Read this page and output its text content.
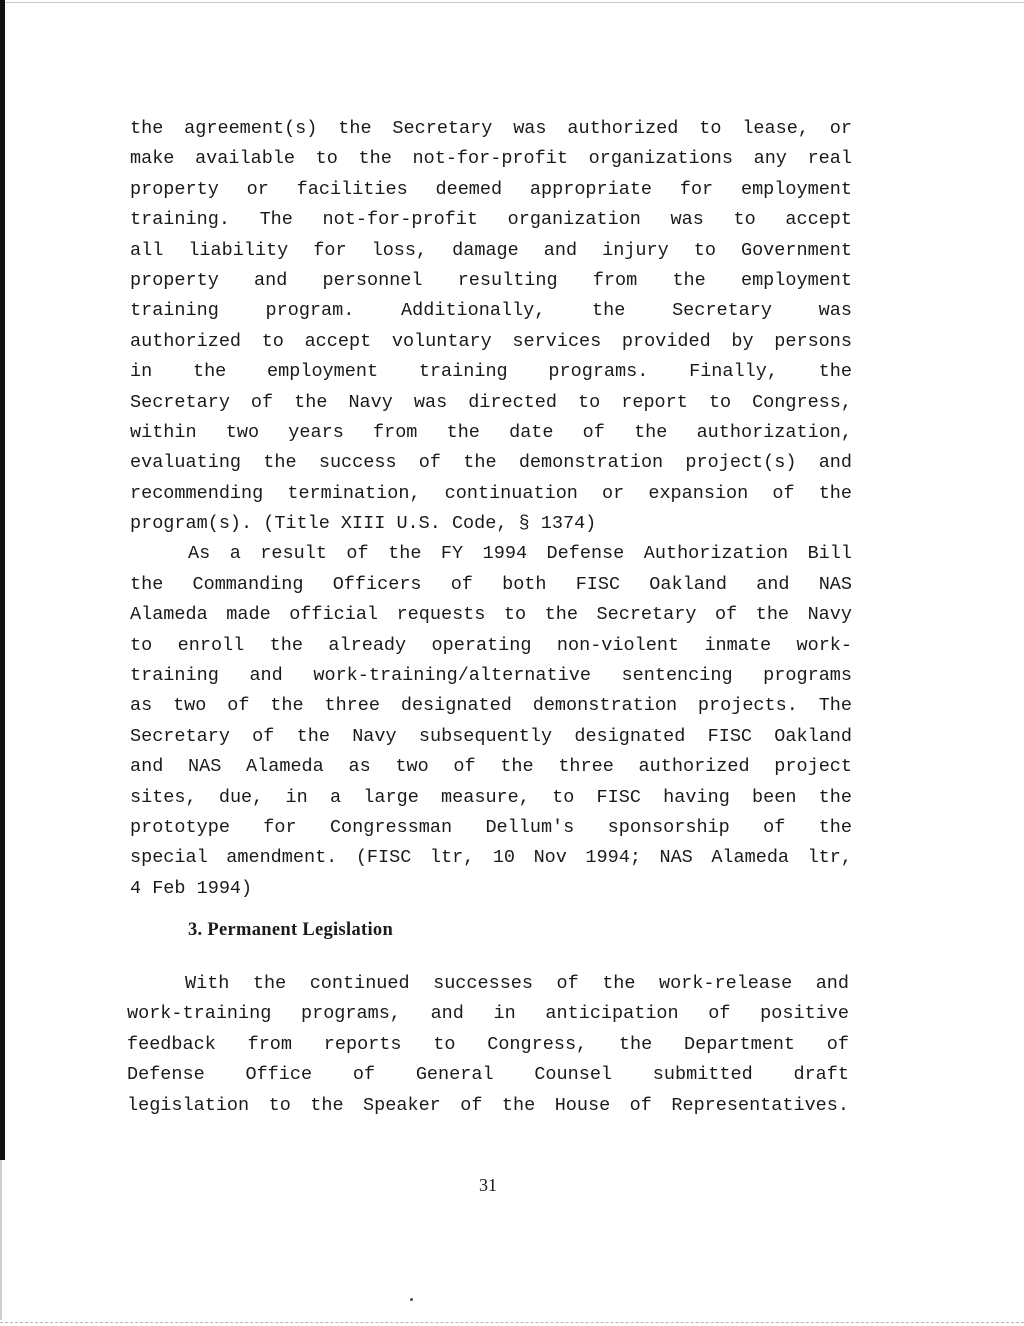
the agreement(s) the Secretary was authorized to lease, or
make available to the not-for-profit organizations any real
property or facilities deemed appropriate for employment
training. The not-for-profit organization was to accept
all liability for loss, damage and injury to Government
property and personnel resulting from the employment
training program. Additionally, the Secretary was
authorized to accept voluntary services provided by persons
in the employment training programs. Finally, the
Secretary of the Navy was directed to report to Congress,
within two years from the date of the authorization,
evaluating the success of the demonstration project(s) and
recommending termination, continuation or expansion of the
program(s). (Title XIII U.S. Code, § 1374)
As a result of the FY 1994 Defense Authorization Bill
the Commanding Officers of both FISC Oakland and NAS
Alameda made official requests to the Secretary of the Navy
to enroll the already operating non-violent inmate work-
training and work-training/alternative sentencing programs
as two of the three designated demonstration projects. The
Secretary of the Navy subsequently designated FISC Oakland
and NAS Alameda as two of the three authorized project
sites, due, in a large measure, to FISC having been the
prototype for Congressman Dellum's sponsorship of the
special amendment. (FISC ltr, 10 Nov 1994; NAS Alameda ltr,
4 Feb 1994)
3. Permanent Legislation
With the continued successes of the work-release and
work-training programs, and in anticipation of positive
feedback from reports to Congress, the Department of
Defense Office of General Counsel submitted draft
legislation to the Speaker of the House of Representatives.

31
